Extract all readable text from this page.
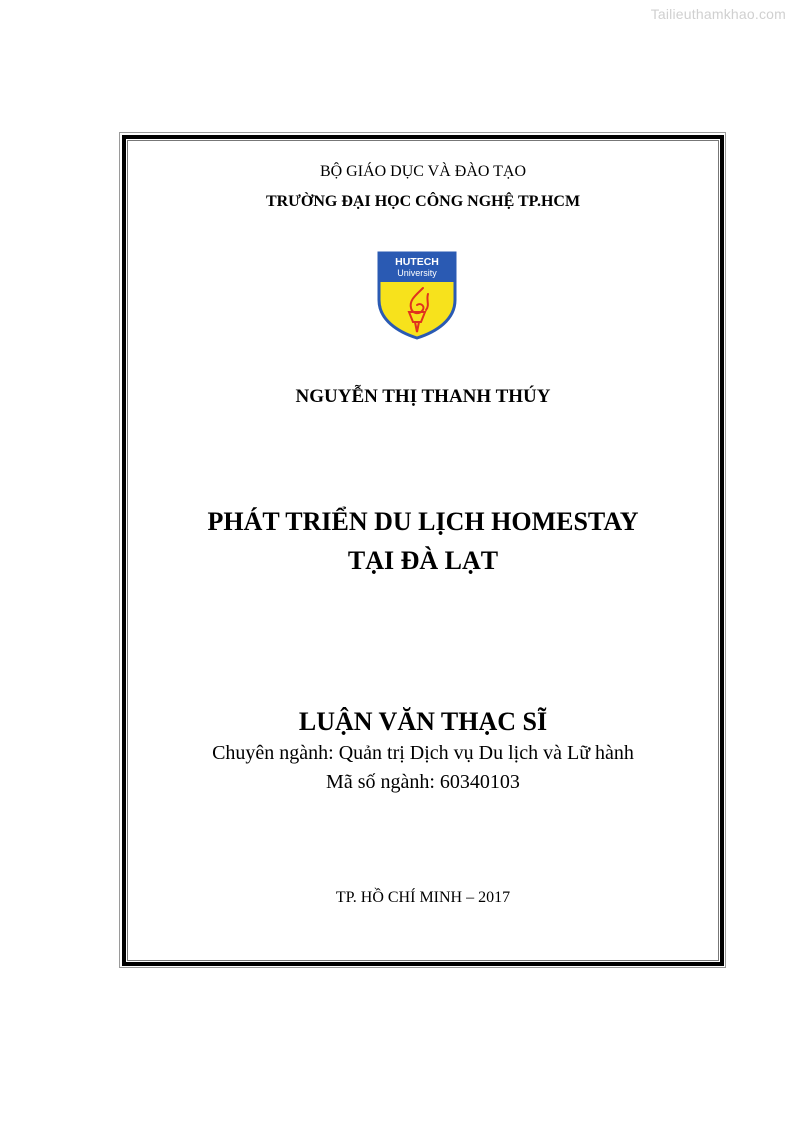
Tailieuthamkhao.com
BỘ GIÁO DỤC VÀ ĐÀO TẠO
TRƯỜNG ĐẠI HỌC CÔNG NGHỆ TP.HCM
HUTECH
University
NGUYỄN THỊ THANH THÚY
PHÁT TRIỂN DU LỊCH HOMESTAY
TẠI ĐÀ LẠT
LUẬN VĂN THẠC SĨ
Chuyên ngành: Quản trị Dịch vụ Du lịch và Lữ hành
Mã số ngành: 60340103
TP. HỒ CHÍ MINH – 2017
